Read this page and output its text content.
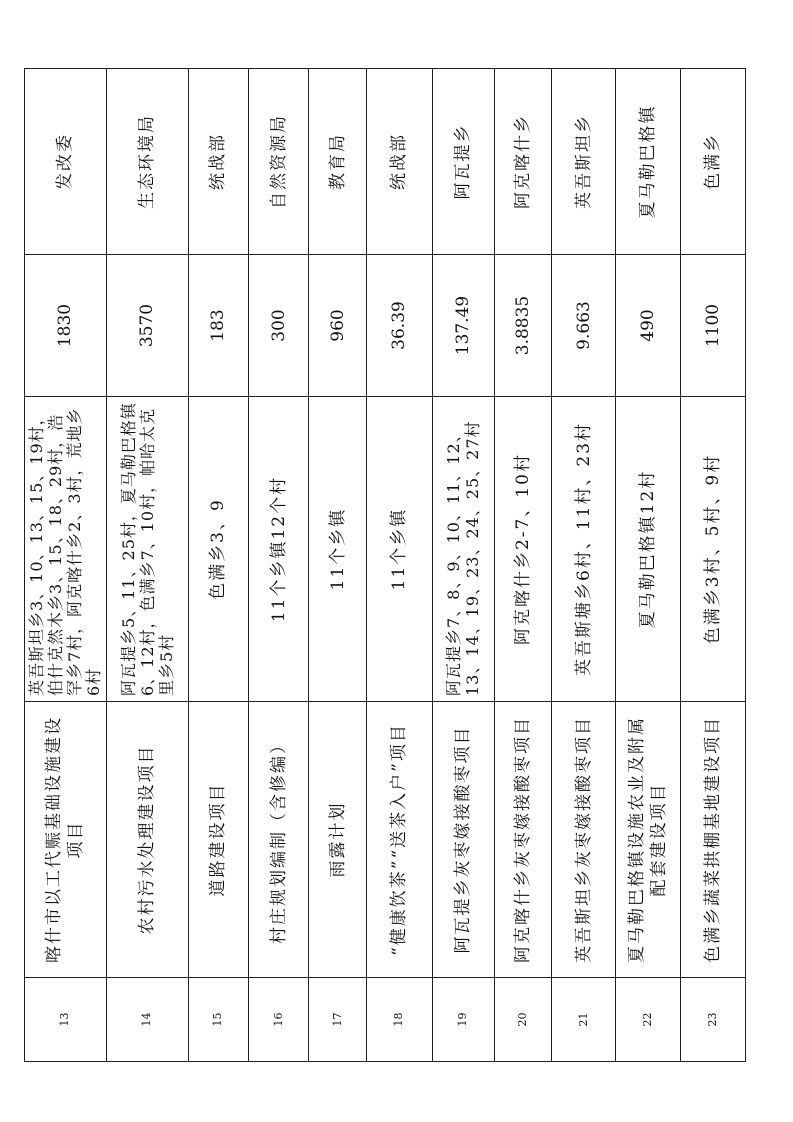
13	喀什市以工代赈基础设施建设项目	英吾斯坦乡3、10、13、15、19村，伯什克然木乡3、15、18、29村，浩罕乡7村，阿克喀什乡2、3村，荒地乡6村	1830	发改委
14	农村污水处理建设项目	阿瓦提乡5、11、25村，夏马勒巴格镇6、12村，色满乡7、10村，帕哈太克里乡5村	3570	生态环境局
15	道路建设项目	色满乡3、9	183	统战部
16	村庄规划编制（含修编）	11个乡镇12个村	300	自然资源局
17	雨露计划	11个乡镇	960	教育局
18	“健康饮茶”“送茶入户”项目	11个乡镇	36.39	统战部
19	阿瓦提乡灰枣嫁接酸枣项目	阿瓦提乡7、8、9、10、11、12、13、14、19、23、24、25、27村	137.49	阿瓦提乡
20	阿克喀什乡灰枣嫁接酸枣项目	阿克喀什乡2-7、10村	3.8835	阿克喀什乡
21	英吾斯坦乡灰枣嫁接酸枣项目	英吾斯塘乡6村、11村、23村	9.663	英吾斯坦乡
22	夏马勒巴格镇设施农业及附属配套建设项目	夏马勒巴格镇12村	490	夏马勒巴格镇
23	色满乡蔬菜拱棚基地建设项目	色满乡3村、5村、9村	1100	色满乡
